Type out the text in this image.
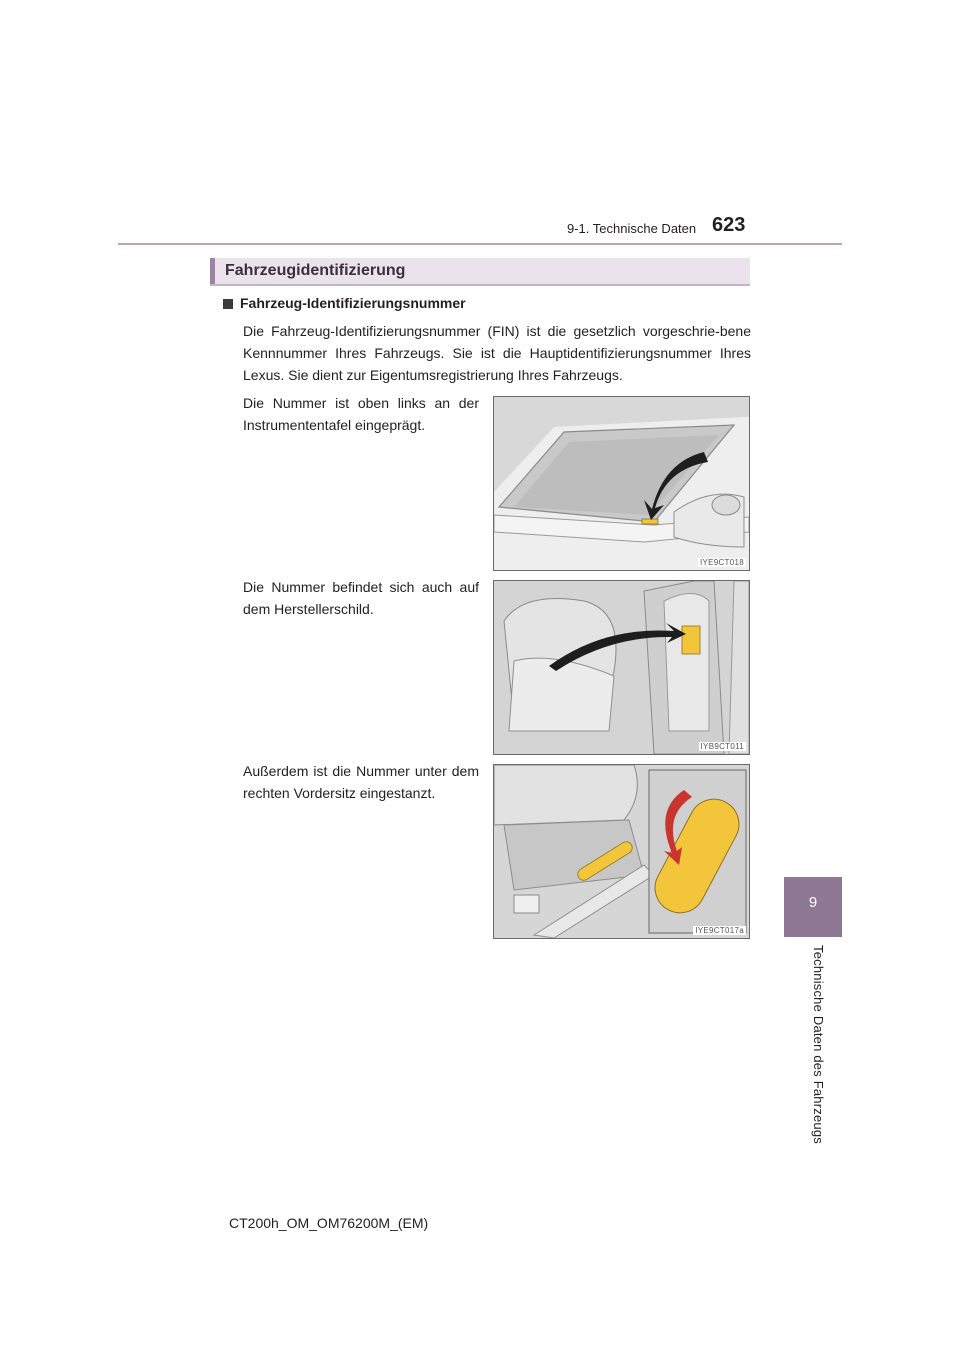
9-1. Technische Daten 623
9
Technische Daten des Fahrzeugs
Fahrzeugidentifizierung
Fahrzeug-Identifizierungsnummer
Die Fahrzeug-Identifizierungsnummer (FIN) ist die gesetzlich vorgeschrie-bene Kennnummer Ihres Fahrzeugs. Sie ist die Hauptidentifizierungsnummer Ihres Lexus. Sie dient zur Eigentumsregistrierung Ihres Fahrzeugs.
Die Nummer ist oben links an der Instrumententafel eingeprägt.
Die Nummer befindet sich auch auf dem Herstellerschild.
Außerdem ist die Nummer unter dem rechten Vordersitz eingestanzt.
IYE9CT018
IYB9CT011
IYE9CT017a
CT200h_OM_OM76200M_(EM)
